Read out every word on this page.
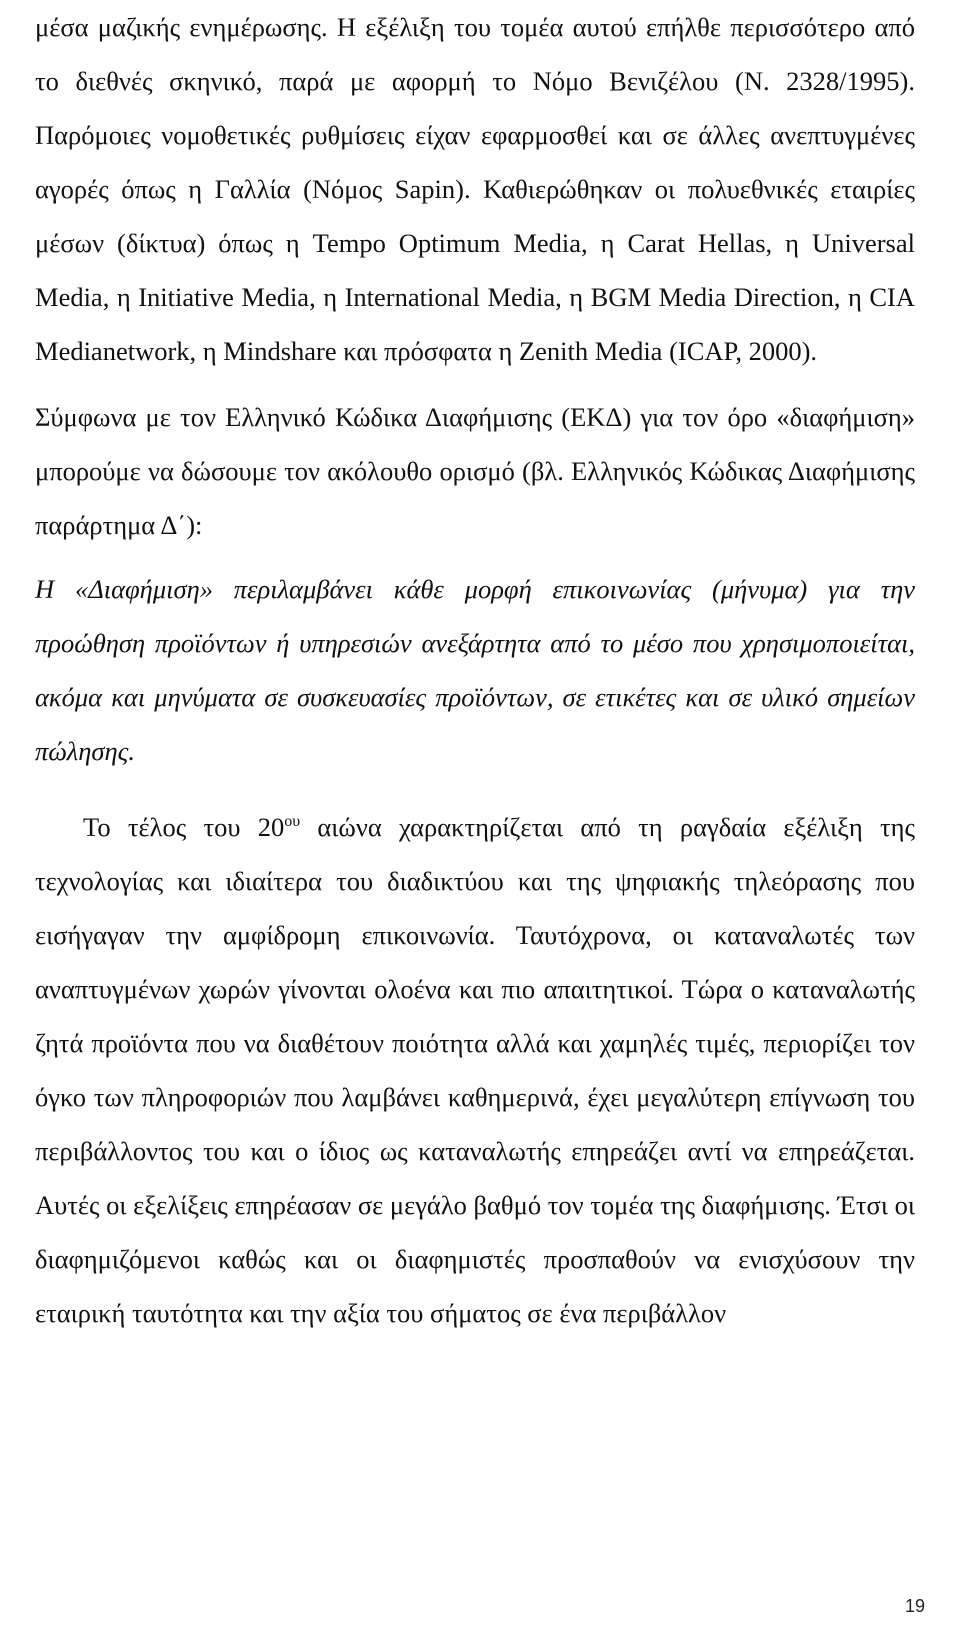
μέσα μαζικής ενημέρωσης. Η εξέλιξη του τομέα αυτού επήλθε περισσότερο από το διεθνές σκηνικό, παρά με αφορμή το Νόμο Βενιζέλου (Ν. 2328/1995). Παρόμοιες νομοθετικές ρυθμίσεις είχαν εφαρμοσθεί και σε άλλες ανεπτυγμένες αγορές όπως η Γαλλία (Νόμος Sapin). Καθιερώθηκαν οι πολυεθνικές εταιρίες μέσων (δίκτυα) όπως η Tempo Optimum Media, η Carat Hellas, η Universal Media, η Initiative Media, η International Media, η BGM Media Direction, η CIA Medianetwork, η Mindshare και πρόσφατα η Zenith Media (ICAP, 2000).

Σύμφωνα με τον Ελληνικό Κώδικα Διαφήμισης (ΕΚΔ) για τον όρο «διαφήμιση» μπορούμε να δώσουμε τον ακόλουθο ορισμό (βλ. Ελληνικός Κώδικας Διαφήμισης παράρτημα Δ΄):

Η «Διαφήμιση» περιλαμβάνει κάθε μορφή επικοινωνίας (μήνυμα) για την προώθηση προϊόντων ή υπηρεσιών ανεξάρτητα από το μέσο που χρησιμοποιείται, ακόμα και μηνύματα σε συσκευασίες προϊόντων, σε ετικέτες και σε υλικό σημείων πώλησης.

Το τέλος του $20^{o\upsilon}$ αιώνα χαρακτηρίζεται από τη ραγδαία εξέλιξη της τεχνολογίας και ιδιαίτερα του διαδικτύου και της ψηφιακής τηλεόρασης που εισήγαγαν την αμφίδρομη επικοινωνία. Ταυτόχρονα, οι καταναλωτές των αναπτυγμένων χωρών γίνονται ολοένα και πιο απαιτητικοί. Τώρα ο καταναλωτής ζητά προϊόντα που να διαθέτουν ποιότητα αλλά και χαμηλές τιμές, περιορίζει τον όγκο των πληροφοριών που λαμβάνει καθημερινά, έχει μεγαλύτερη επίγνωση του περιβάλλοντος του και ο ίδιος ως καταναλωτής επηρεάζει αντί να επηρεάζεται. Αυτές οι εξελίξεις επηρέασαν σε μεγάλο βαθμό τον τομέα της διαφήμισης. Έτσι οι διαφημιζόμενοι καθώς και οι διαφημιστές προσπαθούν να ενισχύσουν την εταιρική ταυτότητα και την αξία του σήματος σε ένα περιβάλλον

19
